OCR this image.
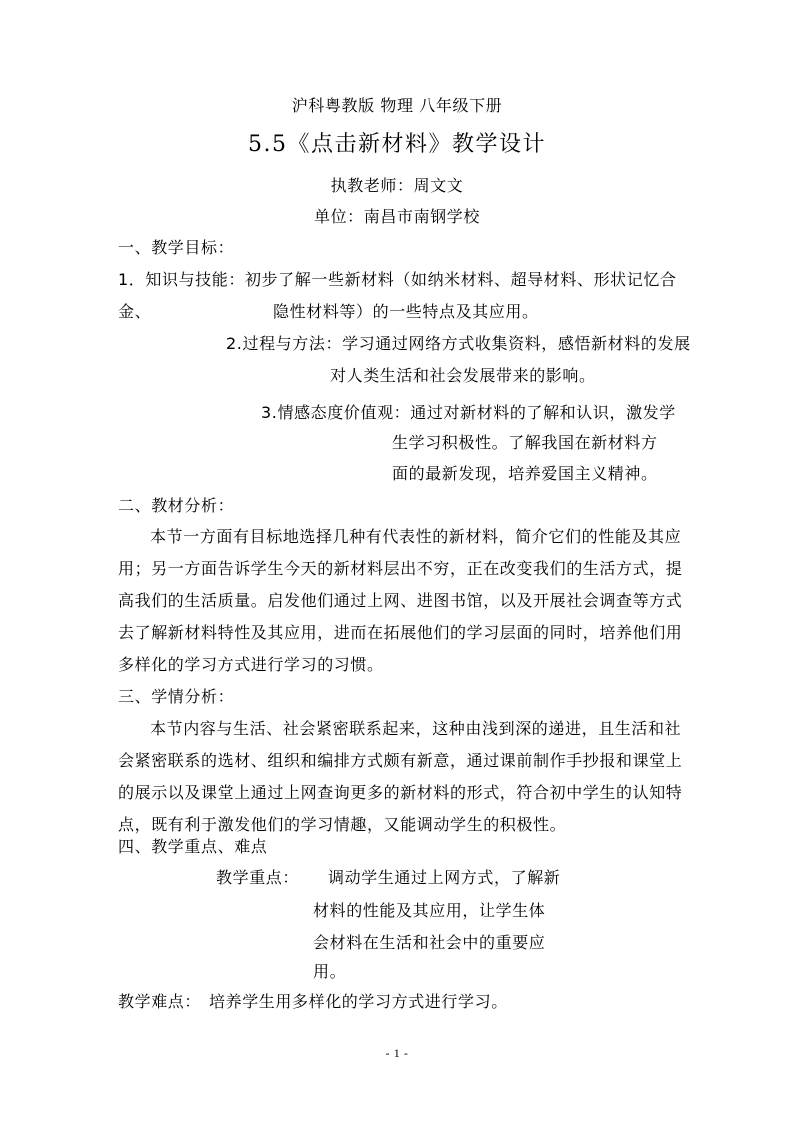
沪科粤教版 物理 八年级下册
5.5《点击新材料》教学设计
执教老师：周文文
单位：南昌市南钢学校
一、教学目标：
1．知识与技能：初步了解一些新材料（如纳米材料、超导材料、形状记忆合
金、	隐性材料等）的一些特点及其应用。
2.过程与方法：学习通过网络方式收集资料，感悟新材料的发展
对人类生活和社会发展带来的影响。
3.情感态度价值观：通过对新材料的了解和认识，激发学
生学习积极性。了解我国在新材料方
面的最新发现，培养爱国主义精神。
二、教材分析：
本节一方面有目标地选择几种有代表性的新材料，简介它们的性能及其应
用；另一方面告诉学生今天的新材料层出不穷，正在改变我们的生活方式，提
高我们的生活质量。启发他们通过上网、进图书馆，以及开展社会调查等方式
去了解新材料特性及其应用，进而在拓展他们的学习层面的同时，培养他们用
多样化的学习方式进行学习的习惯。
三、学情分析：
本节内容与生活、社会紧密联系起来，这种由浅到深的递进，且生活和社
会紧密联系的选材、组织和编排方式颇有新意，通过课前制作手抄报和课堂上
的展示以及课堂上通过上网查询更多的新材料的形式，符合初中学生的认知特
点，既有利于激发他们的学习情趣，又能调动学生的积极性。
四、教学重点、难点
教学重点： 调动学生通过上网方式，了解新
材料的性能及其应用，让学生体
会材料在生活和社会中的重要应
用。
教学难点： 培养学生用多样化的学习方式进行学习。
- 1 -
